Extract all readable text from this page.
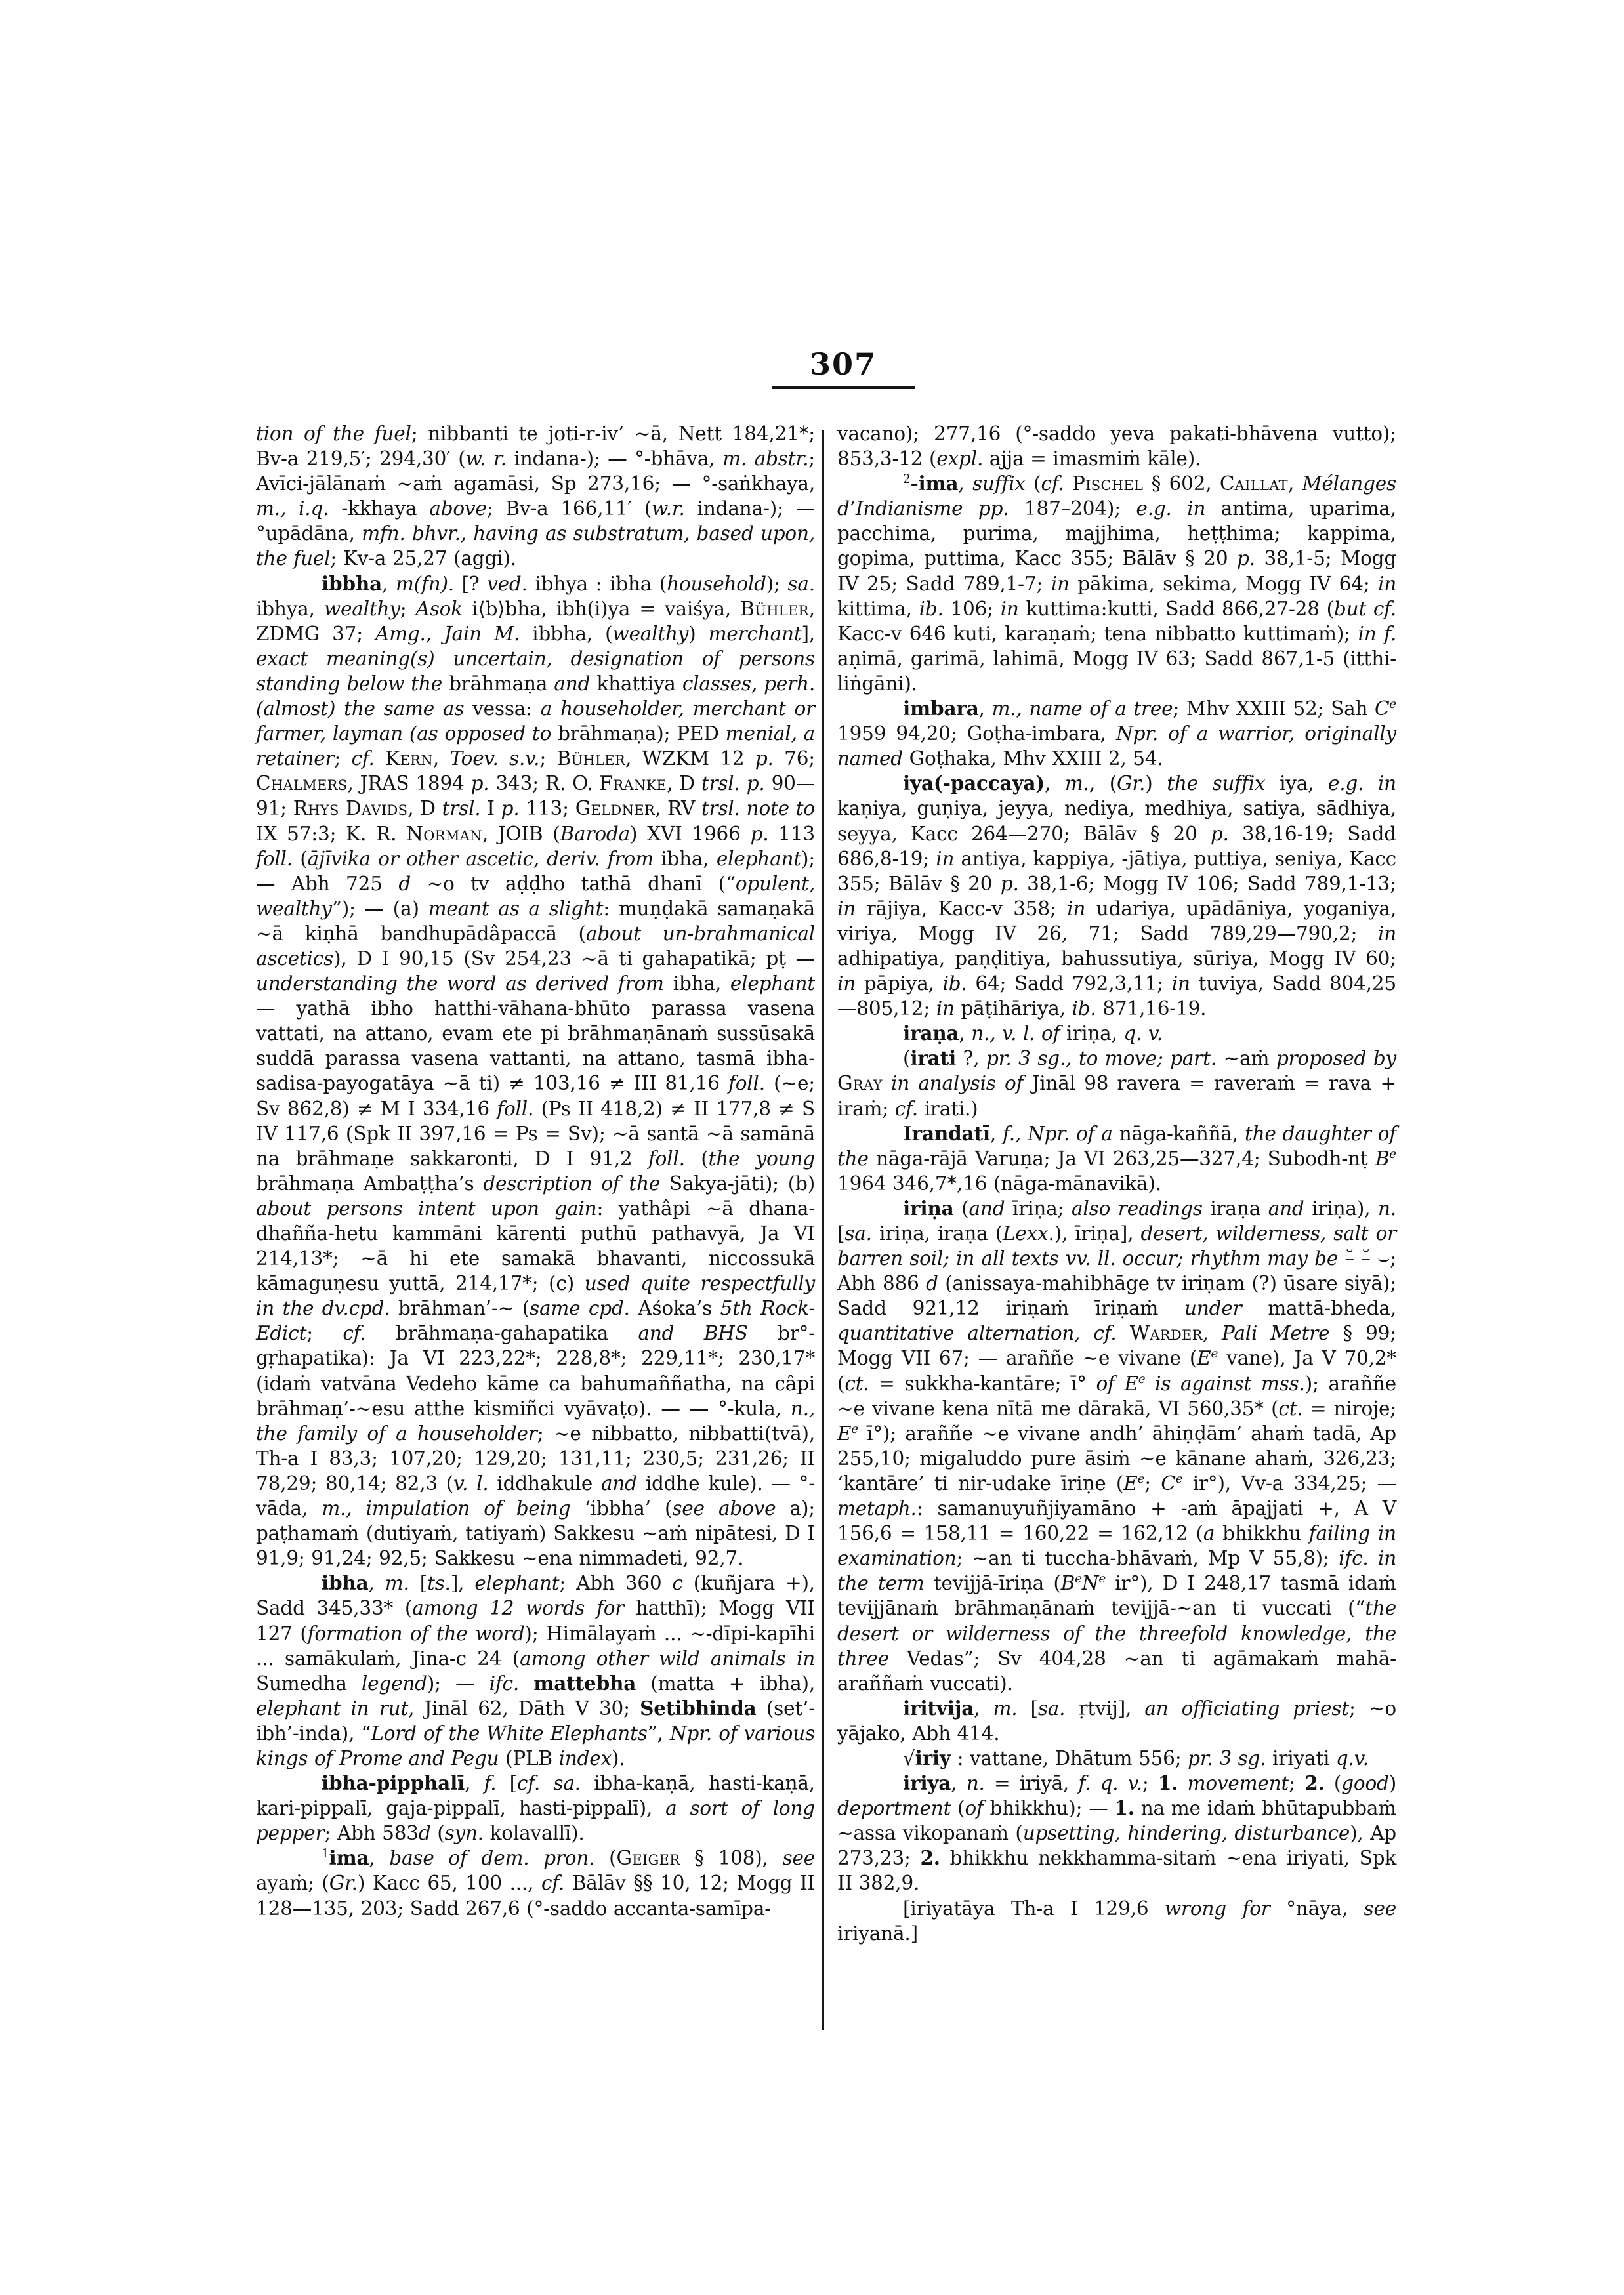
307

tion of the fuel; nibbanti te joti-r-iv’ ~ā, Nett 184,21*; Bv-a 219,5′; 294,30′ (w. r. indana-); — °-bhāva, m. abstr.; Avīci-jālānaṁ ~aṁ agamāsi, Sp 273,16; — °-saṅkhaya, m., i.q. -kkhaya above; Bv-a 166,11′ (w.r. indana-); — °upādāna, mfn. bhvr., having as substratum, based upon, the fuel; Kv-a 25,27 (aggi).

ibbha, m(fn). [? ved. ibhya : ibha (household); sa. ibhya, wealthy; Asok i⟨b⟩bha, ibh(i)ya = vaiśya, Bühler, ZDMG 37; Amg., Jain M. ibbha, (wealthy) merchant], exact meaning(s) uncertain, designation of persons standing below the brāhmaṇa and khattiya classes, perh. (almost) the same as vessa: a householder, merchant or farmer, layman (as opposed to brāhmaṇa); PED menial, a retainer; cf. Kern, Toev. s.v.; Bühler, WZKM 12 p. 76; Chalmers, JRAS 1894 p. 343; R. O. Franke, D trsl. p. 90—91; Rhys Davids, D trsl. I p. 113; Geldner, RV trsl. note to IX 57:3; K. R. Norman, JOIB (Baroda) XVI 1966 p. 113 foll. (ājīvika or other ascetic, deriv. from ibha, elephant); — Abh 725 d ~o tv aḍḍho tathā dhanī (“opulent, wealthy”); — (a) meant as a slight: muṇḍakā samaṇakā ~ā kiṇhā bandhupādâpaccā (about un-brahmanical ascetics), D I 90,15 (Sv 254,23 ~ā ti gahapatikā; pṭ — understanding the word as derived from ibha, elephant — yathā ibho hatthi-vāhana-bhūto parassa vasena vattati, na attano, evam ete pi brāhmaṇānaṁ sussūsakā suddā parassa vasena vattanti, na attano, tasmā ibha-sadisa-payogatāya ~ā ti) ≠ 103,16 ≠ III 81,16 foll. (~e; Sv 862,8) ≠ M I 334,16 foll. (Ps II 418,2) ≠ II 177,8 ≠ S IV 117,6 (Spk II 397,16 = Ps = Sv); ~ā santā ~ā samānā na brāhmaṇe sakkaronti, D I 91,2 foll. (the young brāhmaṇa Ambaṭṭha’s description of the Sakya-jāti); (b) about persons intent upon gain: yathâpi ~ā dhana-dhañña-hetu kammāni kārenti puthū pathavyā, Ja VI 214,13*; ~ā hi ete samakā bhavanti, niccossukā kāmaguṇesu yuttā, 214,17*; (c) used quite respectfully in the dv.cpd. brāhman’-~ (same cpd. Aśoka’s 5th Rock-Edict; cf. brāhmaṇa-gahapatika and BHS br°-gṛhapatika): Ja VI 223,22*; 228,8*; 229,11*; 230,17* (idaṁ vatvāna Vedeho kāme ca bahumaññatha, na câpi brāhmaṇ’-~esu atthe kismiñci vyāvaṭo). — — °-kula, n., the family of a householder; ~e nibbatto, nibbatti(tvā), Th-a I 83,3; 107,20; 129,20; 131,11; 230,5; 231,26; II 78,29; 80,14; 82,3 (v. l. iddhakule and iddhe kule). — °-vāda, m., impulation of being ‘ibbha’ (see above a); paṭhamaṁ (dutiyaṁ, tatiyaṁ) Sakkesu ~aṁ nipātesi, D I 91,9; 91,24; 92,5; Sakkesu ~ena nimmadeti, 92,7.

ibha, m. [ts.], elephant; Abh 360 c (kuñjara +), Sadd 345,33* (among 12 words for hatthī); Mogg VII 127 (formation of the word); Himālayaṁ ... ~-dīpi-kapīhi ... samākulaṁ, Jina-c 24 (among other wild animals in Sumedha legend); — ifc. mattebha (matta + ibha), elephant in rut, Jināl 62, Dāth V 30; Setibhinda (set’-ibh’-inda), “Lord of the White Elephants”, Npr. of various kings of Prome and Pegu (PLB index).

ibha-pipphalī, f. [cf. sa. ibha-kaṇā, hasti-kaṇā, kari-pippalī, gaja-pippalī, hasti-pippalī), a sort of long pepper; Abh 583d (syn. kolavallī).

$^1$ima, base of dem. pron. (Geiger § 108), see ayaṁ; (Gr.) Kacc 65, 100 ..., cf. Bālāv §§ 10, 12; Mogg II 128—135, 203; Sadd 267,6 (°-saddo accanta-samīpa-

vacano); 277,16 (°-saddo yeva pakati-bhāvena vutto); 853,3-12 (expl. ajja = imasmiṁ kāle).

$^2$-ima, suffix (cf. Pischel § 602, Caillat, Mélanges d’Indianisme pp. 187–204); e.g. in antima, uparima, pacchima, purima, majjhima, heṭṭhima; kappima, gopima, puttima, Kacc 355; Bālāv § 20 p. 38,1-5; Mogg IV 25; Sadd 789,1-7; in pākima, sekima, Mogg IV 64; in kittima, ib. 106; in kuttima:kutti, Sadd 866,27-28 (but cf. Kacc-v 646 kuti, karaṇaṁ; tena nibbatto kuttimaṁ); in f. aṇimā, garimā, lahimā, Mogg IV 63; Sadd 867,1-5 (itthi-liṅgāni).

imbara, m., name of a tree; Mhv XXIII 52; Sah Ce 1959 94,20; Goṭha-imbara, Npr. of a warrior, originally named Goṭhaka, Mhv XXIII 2, 54.

iya(-paccaya), m., (Gr.) the suffix iya, e.g. in kaṇiya, guṇiya, jeyya, nediya, medhiya, satiya, sādhiya, seyya, Kacc 264—270; Bālāv § 20 p. 38,16-19; Sadd 686,8-19; in antiya, kappiya, -jātiya, puttiya, seniya, Kacc 355; Bālāv § 20 p. 38,1-6; Mogg IV 106; Sadd 789,1-13; in rājiya, Kacc-v 358; in udariya, upādāniya, yoganiya, viriya, Mogg IV 26, 71; Sadd 789,29—790,2; in adhipatiya, paṇḍitiya, bahussutiya, sūriya, Mogg IV 60; in pāpiya, ib. 64; Sadd 792,3,11; in tuviya, Sadd 804,25—805,12; in pāṭihāriya, ib. 871,16-19.

iraṇa, n., v. l. of iriṇa, q. v.

(irati ?, pr. 3 sg., to move; part. ~aṁ proposed by Gray in analysis of Jināl 98 ravera = raveraṁ = rava + iraṁ; cf. irati.)

Irandatī, f., Npr. of a nāga-kaññā, the daughter of the nāga-rājā Varuṇa; Ja VI 263,25—327,4; Subodh-nṭ $B^e$ 1964 346,7*,16 (nāga-mānavikā).

iriṇa (and īriṇa; also readings iraṇa and iriṇa), n. [sa. iriṇa, iraṇa (Lexx.), īriṇa], desert, wilderness, salt or barren soil; in all texts vv. ll. occur; rhythm may be –̆ –̆ ⌣; Abh 886 d (anissaya-mahibhāge tv iriṇam (?) ūsare siyā); Sadd 921,12 iriṇaṁ īriṇaṁ under mattā-bheda, quantitative alternation, cf. Warder, Pali Metre § 99; Mogg VII 67; — araññe ~e vivane ($E^e$ vane), Ja V 70,2* (ct. = sukkha-kantāre; ī° of $E^e$ is against mss.); araññe ~e vivane kena nītā me dārakā, VI 560,35* (ct. = niroje; $E^e$ ī°); araññe ~e vivane andh’ āhiṇḍām’ ahaṁ tadā, Ap 255,10; migaluddo pure āsiṁ ~e kānane ahaṁ, 326,23; ‘kantāre’ ti nir-udake īriṇe ($E^e$; Ce ir°), Vv-a 334,25; — metaph.: samanuyuñjiyamāno + -aṁ āpajjati +, A V 156,6 = 158,11 = 160,22 = 162,12 (a bhikkhu failing in examination; ~an ti tuccha-bhāvaṁ, Mp V 55,8); ifc. in the term tevijjā-īriṇa ($B^eN^e$ ir°), D I 248,17 tasmā idaṁ tevijjānaṁ brāhmaṇānaṁ tevijjā-~an ti vuccati (“the desert or wilderness of the threefold knowledge, the three Vedas”; Sv 404,28 ~an ti agāmakaṁ mahā-araññaṁ vuccati).

iritvija, m. [sa. ṛtvij], an officiating priest; ~o yājako, Abh 414.

√iriy : vattane, Dhātum 556; pr. 3 sg. iriyati q.v.

iriya, n. = iriyā, f. q. v.; 1. movement; 2. (good) deportment (of bhikkhu); — 1. na me idaṁ bhūtapubbaṁ ~assa vikopanaṁ (upsetting, hindering, disturbance), Ap 273,23; 2. bhikkhu nekkhamma-sitaṁ ~ena iriyati, Spk II 382,9.

[iriyatāya Th-a I 129,6 wrong for °nāya, see iriyanā.]
